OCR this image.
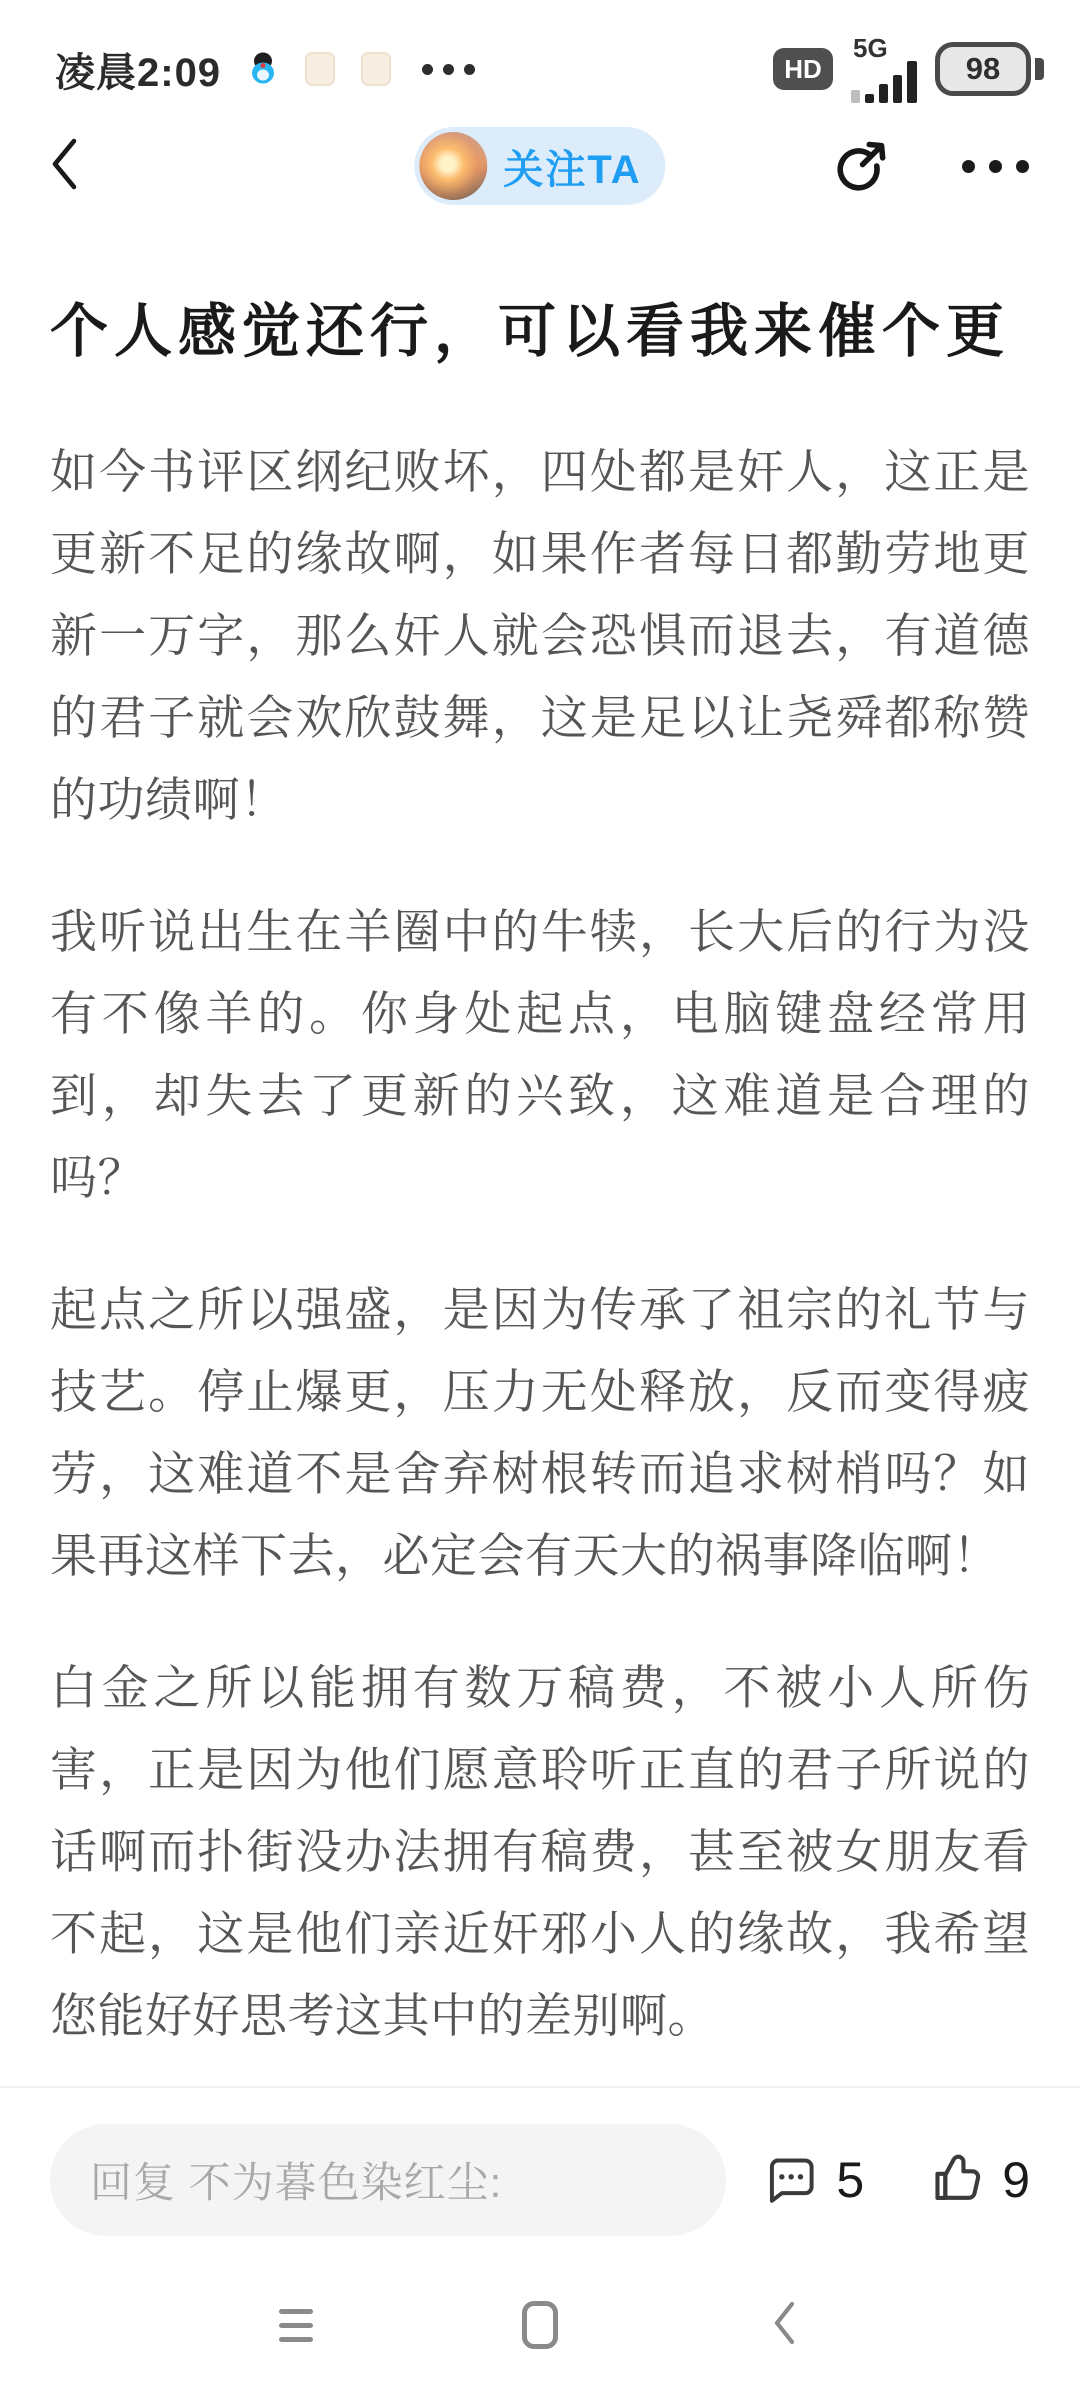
凌晨2:09	HD
5G
98
关注TA
个人感觉还行，可以看我来催个更

如今书评区纲纪败坏，四处都是奸人，这正是更新不足的缘故啊，如果作者每日都勤劳地更新一万字，那么奸人就会恐惧而退去，有道德的君子就会欢欣鼓舞，这是足以让尧舜都称赞的功绩啊！

我听说出生在羊圈中的牛犊，长大后的行为没有不像羊的。你身处起点，电脑键盘经常用到，却失去了更新的兴致，这难道是合理的吗？

起点之所以强盛，是因为传承了祖宗的礼节与技艺。停止爆更，压力无处释放，反而变得疲劳，这难道不是舍弃树根转而追求树梢吗？如果再这样下去，必定会有天大的祸事降临啊！

白金之所以能拥有数万稿费，不被小人所伤害，正是因为他们愿意聆听正直的君子所说的话啊而扑街没办法拥有稿费，甚至被女朋友看不起，这是他们亲近奸邪小人的缘故，我希望您能好好思考这其中的差别啊。

回复 不为暮色染红尘:	5	9
